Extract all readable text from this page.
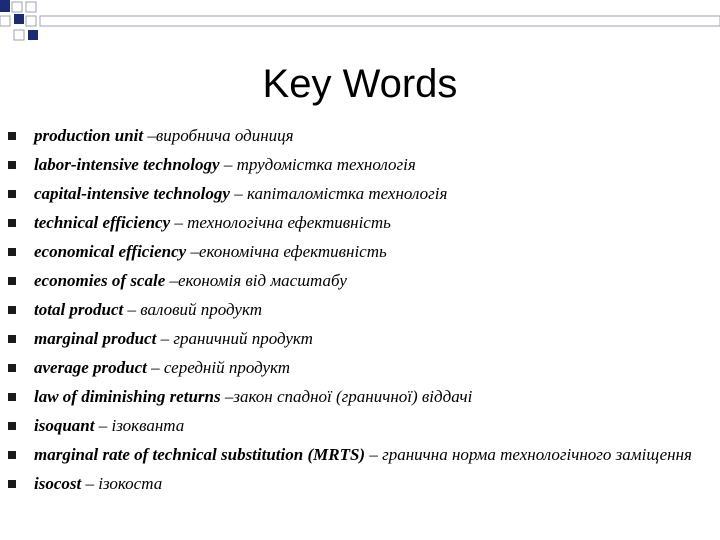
Key Words
production unit –виробнича одиниця
labor-intensive technology – трудомістка технологія
capital-intensive technology – капіталомістка технологія
technical efficiency – технологічна ефективність
economical efficiency –економічна ефективність
economies of scale –економія від масштабу
total product – валовий продукт
marginal product – граничний продукт
average product – середній продукт
law of diminishing returns –закон спадної (граничної) віддачі
isoquant – ізокванта
marginal rate of technical substitution (MRTS) – гранична норма технологічного заміщення
isocost – ізокоста
